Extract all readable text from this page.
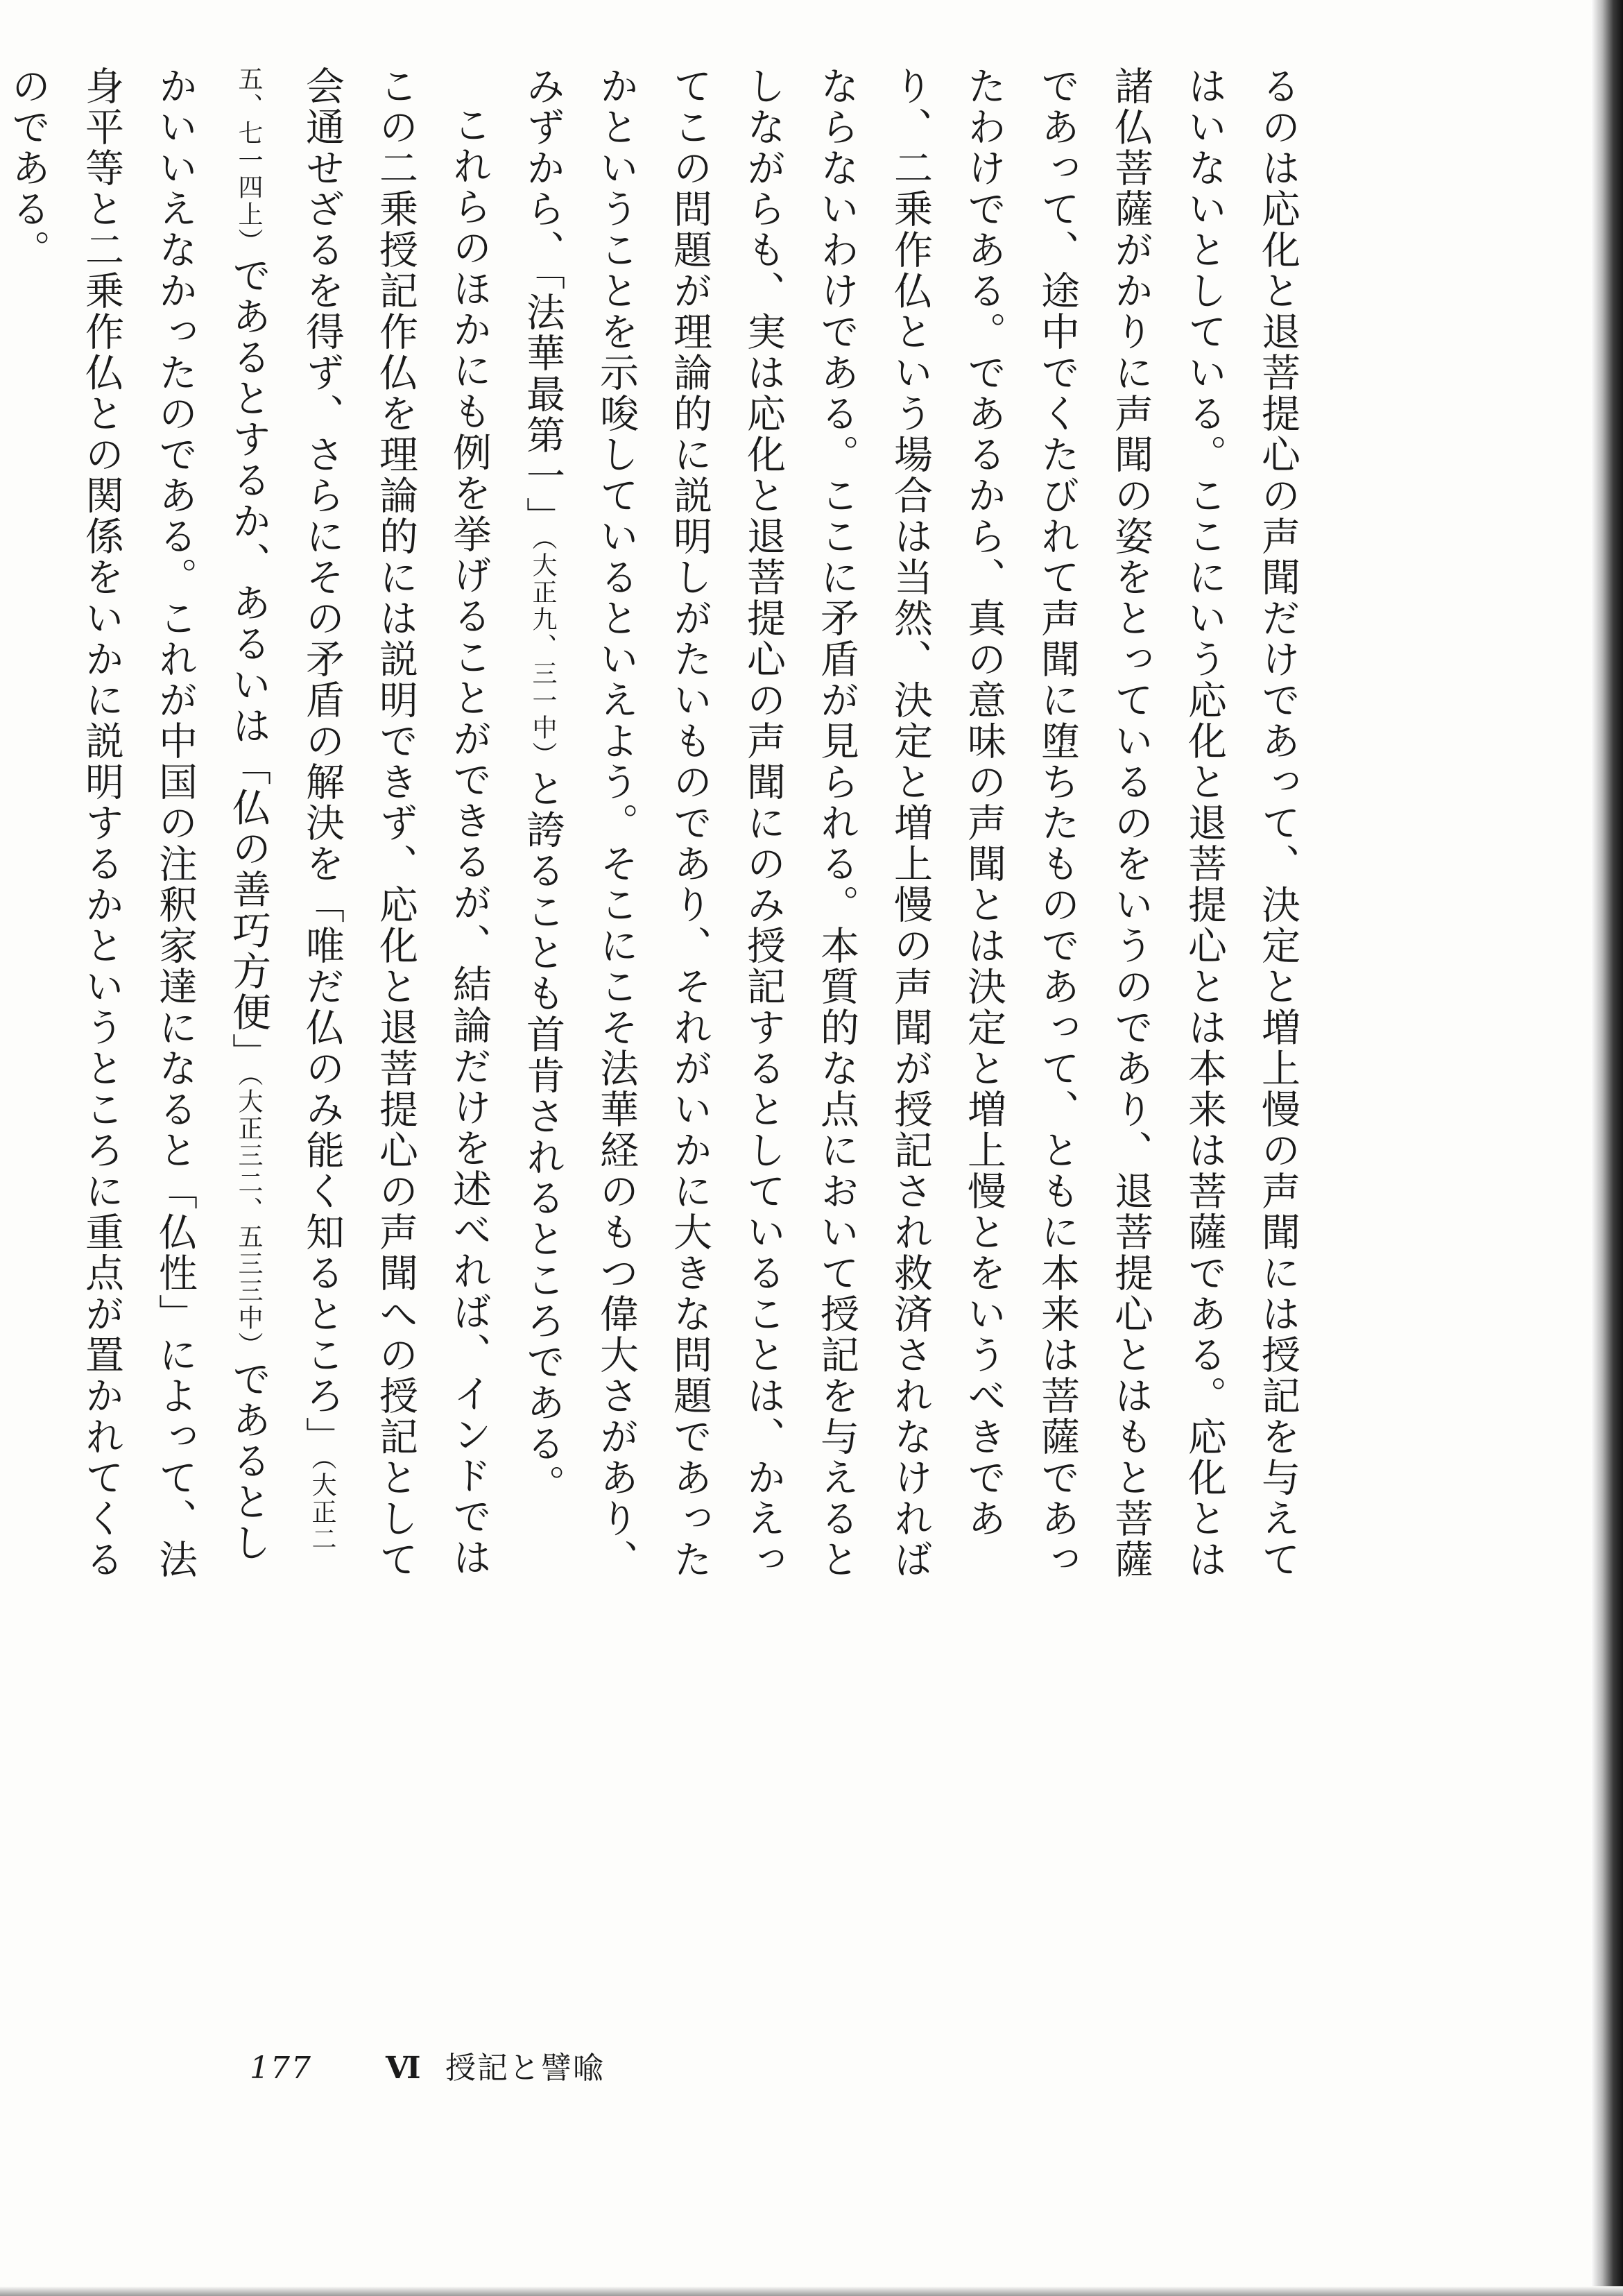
るのは応化と退菩提心の声聞だけであって、決定と増上慢の声聞には授記を与えてはいないとしている。ここにいう応化と退菩提心とは本来は菩薩である。応化とは諸仏菩薩がかりに声聞の姿をとっているのをいうのであり、退菩提心とはもと菩薩であって、途中でくたびれて声聞に堕ちたものであって、ともに本来は菩薩であったわけである。であるから、真の意味の声聞とは決定と増上慢とをいうべきであり、二乗作仏という場合は当然、決定と増上慢の声聞が授記され救済されなければならないわけである。ここに矛盾が見られる。本質的な点において授記を与えるとしながらも、実は応化と退菩提心の声聞にのみ授記するとしていることは、かえってこの問題が理論的に説明しがたいものであり、それがいかに大きな問題であったかということを示唆しているといえよう。そこにこそ法華経のもつ偉大さがあり、みずから、「法華最第一」（大正九、三一中）と誇ることも首肯されるところである。
これらのほかにも例を挙げることができるが、結論だけを述べれば、インドではこの二乗授記作仏を理論的には説明できず、応化と退菩提心の声聞への授記として会通せざるを得ず、さらにその矛盾の解決を「唯だ仏のみ能く知るところ」（大正二五、七一四上）であるとするか、あるいは「仏の善巧方便」（大正三二、五三三中）であるとしかいいえなかったのである。これが中国の注釈家達になると「仏性」によって、法身平等と二乗作仏との関係をいかに説明するかというところに重点が置かれてくるのである。
177 Ⅵ 授記と譬喩
